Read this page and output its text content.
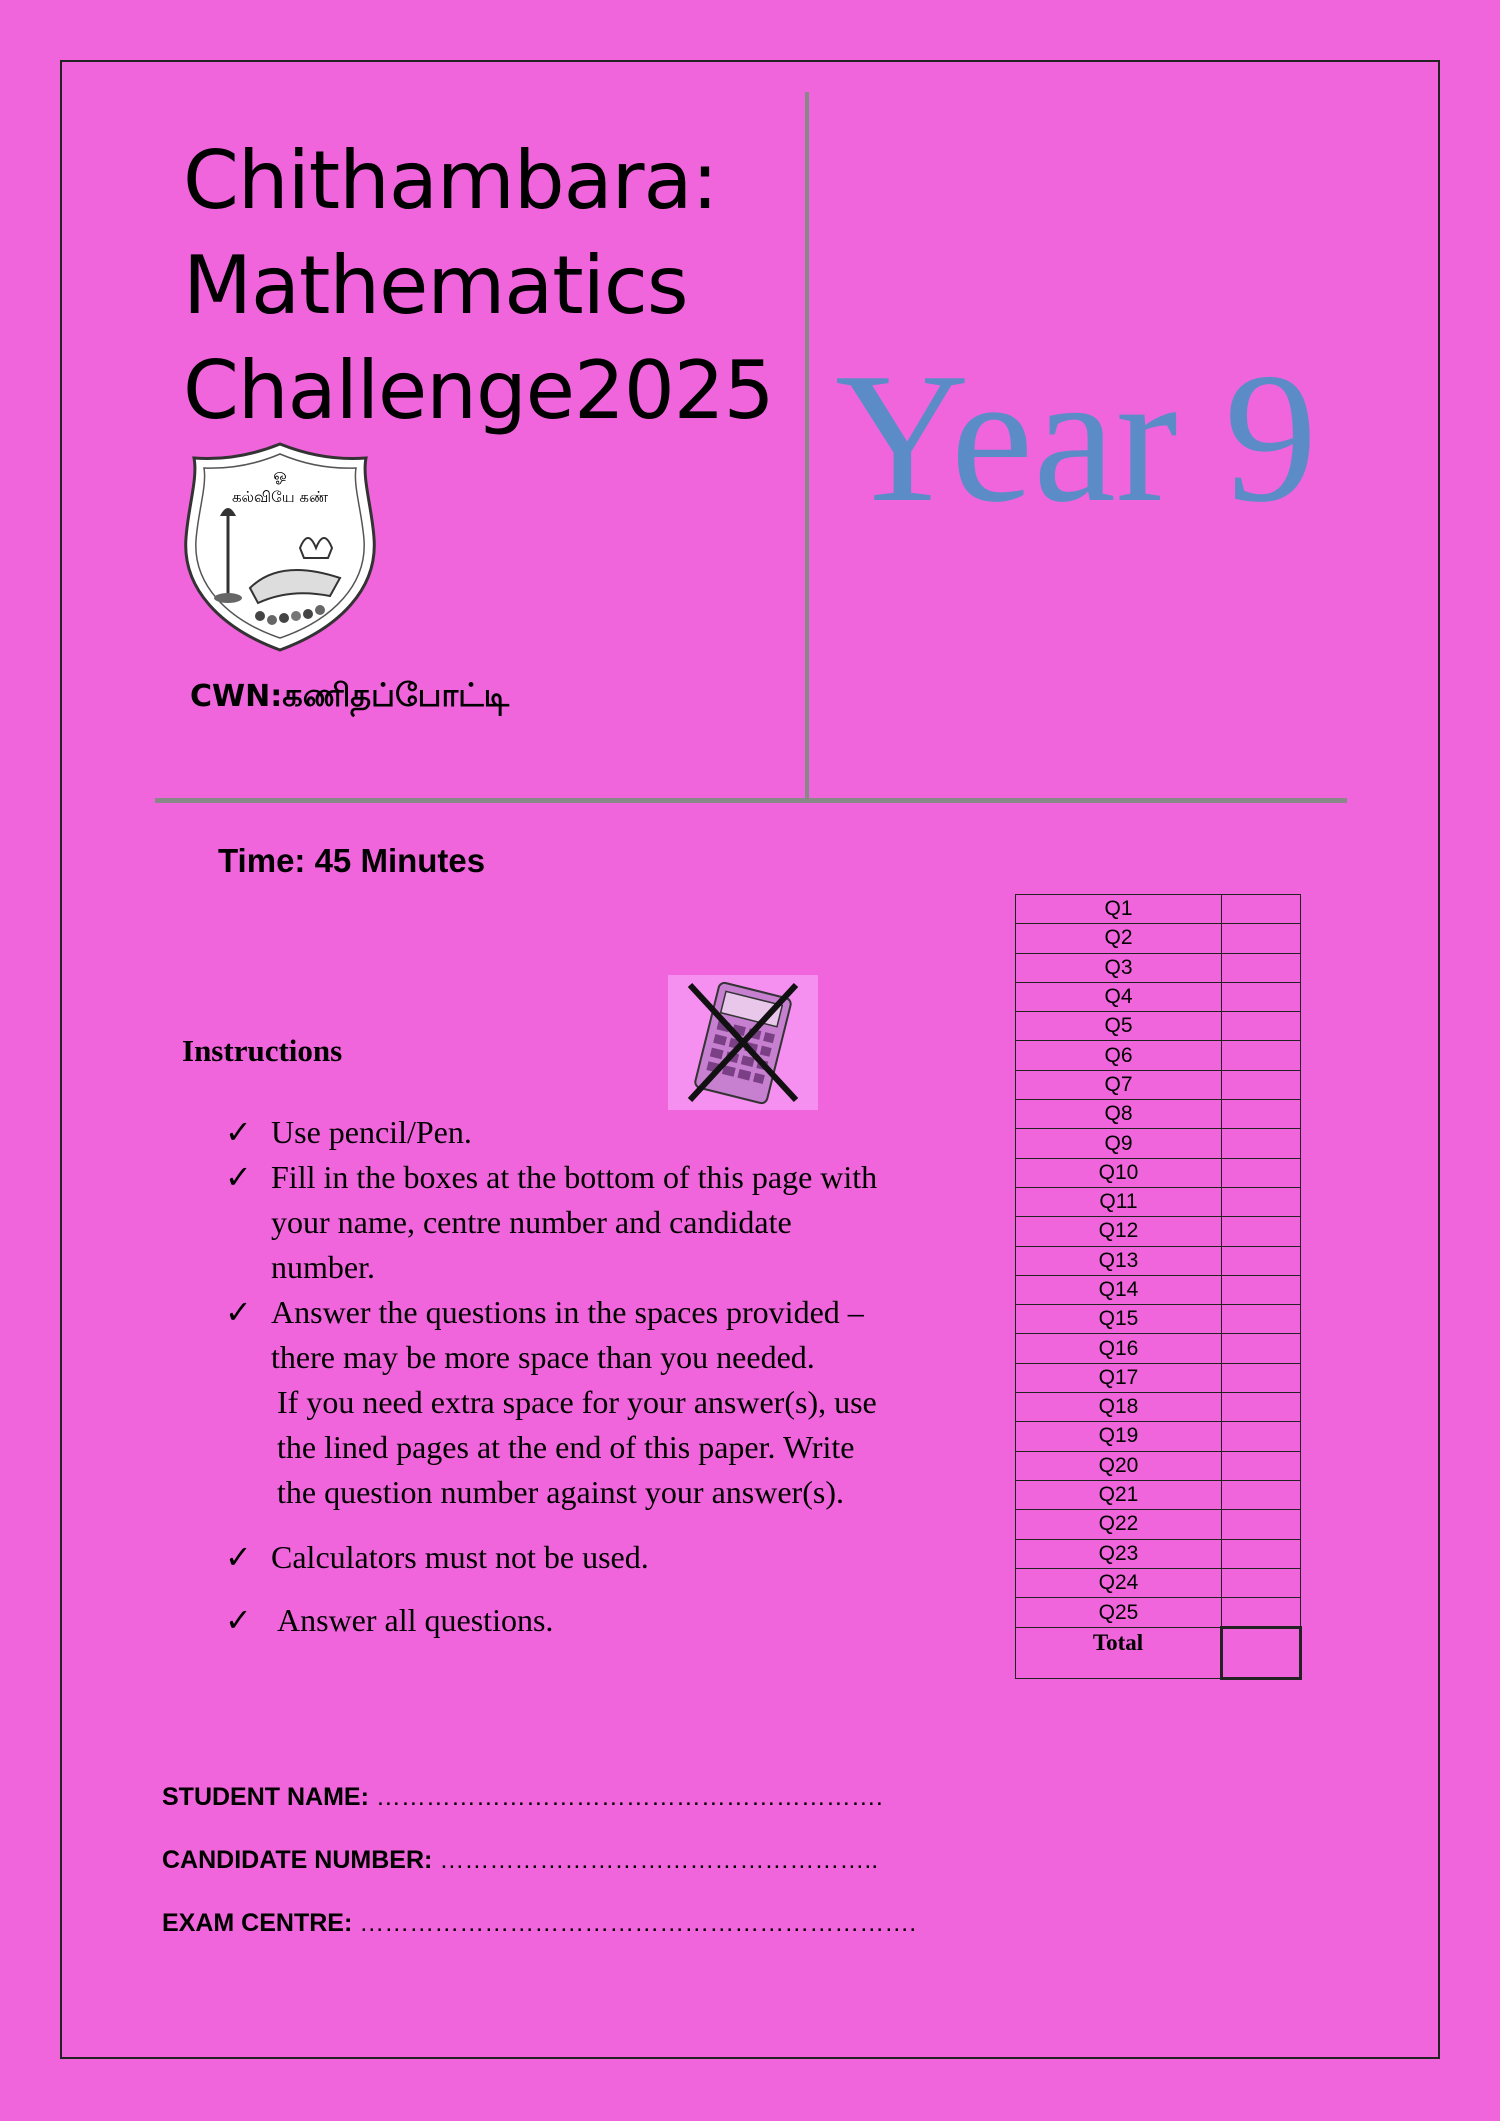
Chithambara:
Mathematics
Challenge2025 Year 9
ஓ
கல்வியே கண்
CWN:கணிதப்போட்டி
Time: 45 Minutes
Instructions
✓ Use pencil/Pen.
✓ Fill in the boxes at the bottom of this page with
your name, centre number and candidate
number.
✓ Answer the questions in the spaces provided –
there may be more space than you needed.
If you need extra space for your answer(s), use
the lined pages at the end of this paper. Write
the question number against your answer(s).
✓ Calculators must not be used.
✓ Answer all questions.
Q1	
Q2	
Q3	
Q4	
Q5	
Q6	
Q7	
Q8	
Q9	
Q10	
Q11	
Q12	
Q13	
Q14	
Q15	
Q16	
Q17	
Q18	
Q19	
Q20	
Q21	
Q22	
Q23	
Q24	
Q25	
Total	
STUDENT NAME: …………………………………………………….
CANDIDATE NUMBER: ……………………………………………..
EXAM CENTRE: ………………………………………………………….
